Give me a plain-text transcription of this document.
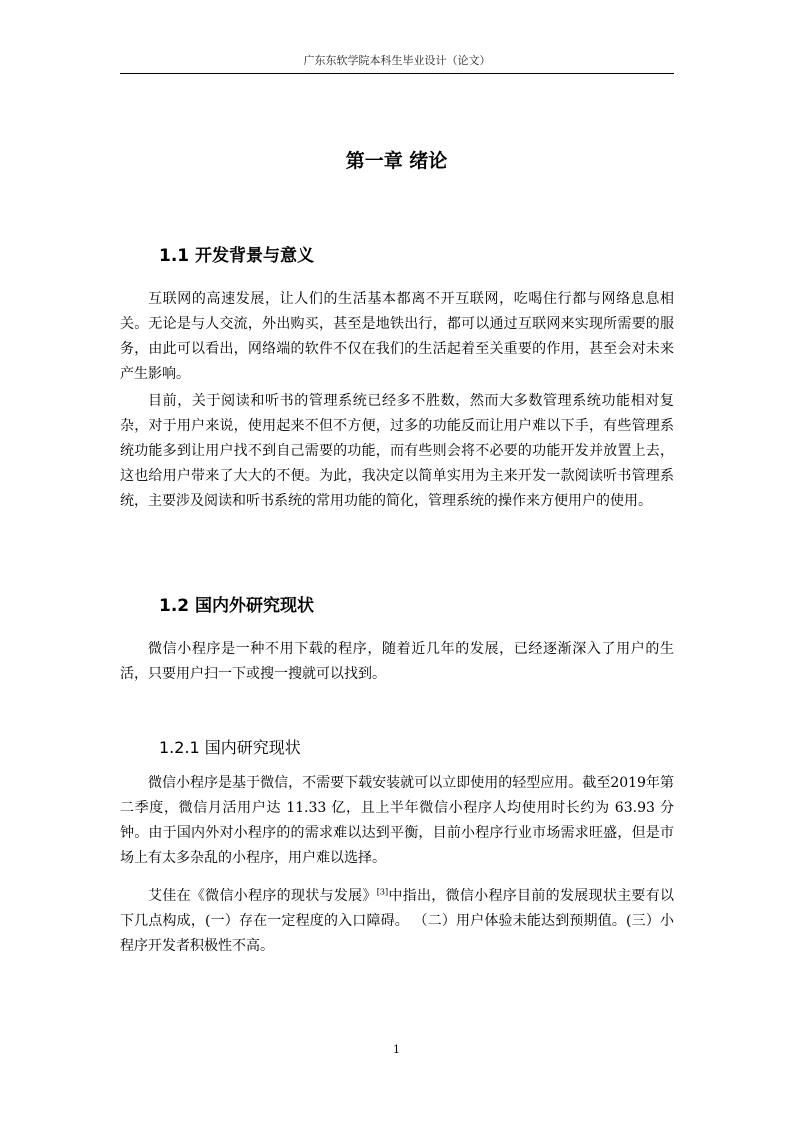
广东东软学院本科生毕业设计（论文）
第一章 绪论
1.1 开发背景与意义

互联网的高速发展，让人们的生活基本都离不开互联网，吃喝住行都与网络息息相关。无论是与人交流，外出购买，甚至是地铁出行，都可以通过互联网来实现所需要的服务，由此可以看出，网络端的软件不仅在我们的生活起着至关重要的作用，甚至会对未来产生影响。

目前，关于阅读和听书的管理系统已经多不胜数，然而大多数管理系统功能相对复杂，对于用户来说，使用起来不但不方便，过多的功能反而让用户难以下手，有些管理系统功能多到让用户找不到自己需要的功能，而有些则会将不必要的功能开发并放置上去，这也给用户带来了大大的不便。为此，我决定以简单实用为主来开发一款阅读听书管理系统，主要涉及阅读和听书系统的常用功能的简化，管理系统的操作来方便用户的使用。

1.2 国内外研究现状

微信小程序是一种不用下载的程序，随着近几年的发展，已经逐渐深入了用户的生活，只要用户扫一下或搜一搜就可以找到。

1.2.1 国内研究现状

微信小程序是基于微信，不需要下载安装就可以立即使用的轻型应用。截至2019年第二季度，微信月活用户达 11.33 亿，且上半年微信小程序人均使用时长约为 63.93 分钟。由于国内外对小程序的的需求难以达到平衡，目前小程序行业市场需求旺盛，但是市场上有太多杂乱的小程序，用户难以选择。

艾佳在《微信小程序的现状与发展》[3]中指出，微信小程序目前的发展现状主要有以下几点构成，(一）存在一定程度的入口障碍。 （二）用户体验未能达到预期值。(三）小程序开发者积极性不高。

1
